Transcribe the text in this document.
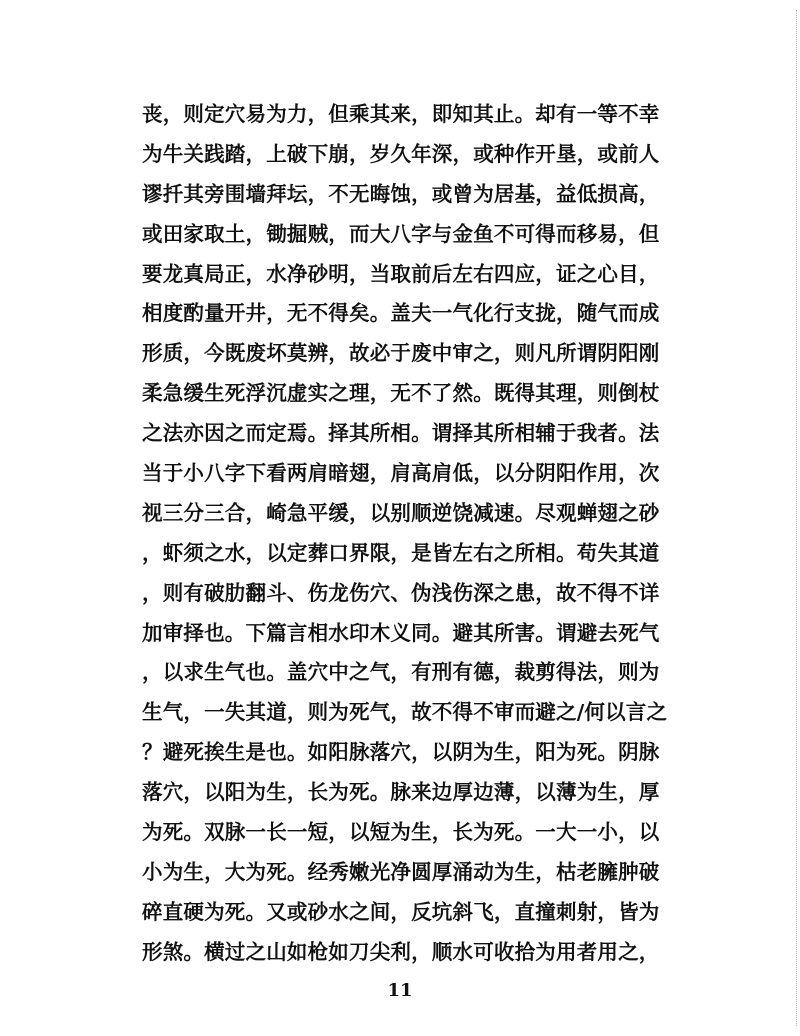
丧，则定穴易为力，但乘其来，即知其止。却有一等不幸
为牛关践踏，上破下崩，岁久年深，或种作开垦，或前人
谬扦其旁围墙拜坛，不无晦蚀，或曾为居基，益低损高，
或田家取土，锄掘贼，而大八字与金鱼不可得而移易，但
要龙真局正，水净砂明，当取前后左右四应，证之心目，
相度酌量开井，无不得矣。盖夫一气化行支拢，随气而成
形质，今既废坏莫辨，故必于废中审之，则凡所谓阴阳刚
柔急缓生死浮沉虚实之理，无不了然。既得其理，则倒杖
之法亦因之而定焉。择其所相。谓择其所相辅于我者。法
当于小八字下看两肩暗翅，肩高肩低，以分阴阳作用，次
视三分三合，崎急平缓，以别顺逆饶减速。尽观蝉翅之砂
，虾须之水，以定葬口界限，是皆左右之所相。苟失其道
，则有破肋翻斗、伤龙伤穴、伪浅伤深之患，故不得不详
加审择也。下篇言相水印木义同。避其所害。谓避去死气
，以求生气也。盖穴中之气，有刑有德，裁剪得法，则为
生气，一失其道，则为死气，故不得不审而避之/何以言之
？避死挨生是也。如阳脉落穴，以阴为生，阳为死。阴脉
落穴，以阳为生，长为死。脉来边厚边薄，以薄为生，厚
为死。双脉一长一短，以短为生，长为死。一大一小，以
小为生，大为死。经秀嫩光净圆厚涌动为生，枯老臃肿破
碎直硬为死。又或砂水之间，反坑斜飞，直撞刺射，皆为
形煞。横过之山如枪如刀尖利，顺水可收拾为用者用之，
11
